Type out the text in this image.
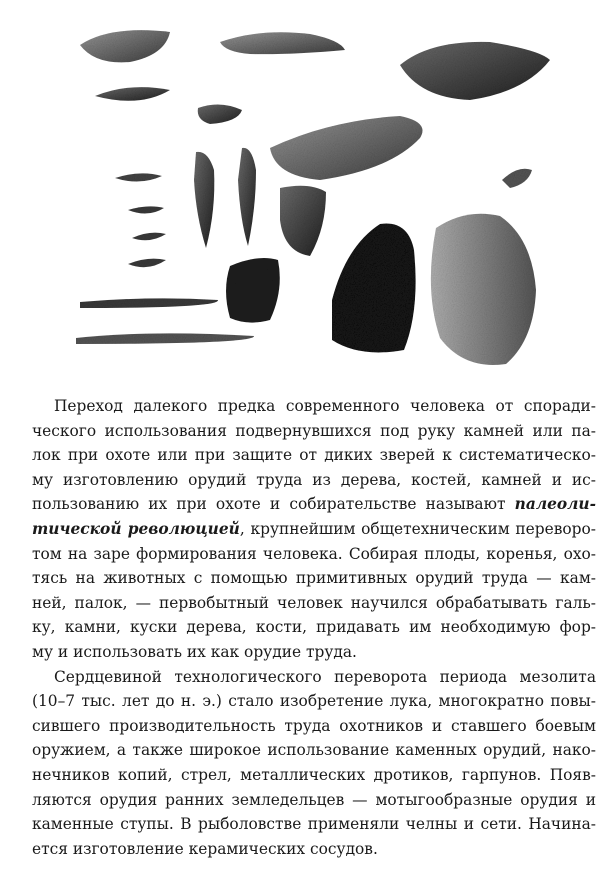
Переход далекого предка современного человека от споради-
ческого использования подвернувшихся под руку камней или па-
лок при охоте или при защите от диких зверей к систематическо-
му изготовлению орудий труда из дерева, костей, камней и ис-
пользованию их при охоте и собирательстве называют палеоли-
тической революцией, крупнейшим общетехническим переворо-
том на заре формирования человека. Собирая плоды, коренья, охо-
тясь на животных с помощью примитивных орудий труда — кам-
ней, палок, — первобытный человек научился обрабатывать галь-
ку, камни, куски дерева, кости, придавать им необходимую фор-
му и использовать их как орудие труда.

Сердцевиной технологического переворота периода мезолита
(10–7 тыс. лет до н. э.) стало изобретение лука, многократно повы-
сившего производительность труда охотников и ставшего боевым
оружием, а также широкое использование каменных орудий, нако-
нечников копий, стрел, металлических дротиков, гарпунов. Появ-
ляются орудия ранних земледельцев — мотыгообразные орудия и
каменные ступы. В рыболовстве применяли челны и сети. Начина-
ется изготовление керамических сосудов.
